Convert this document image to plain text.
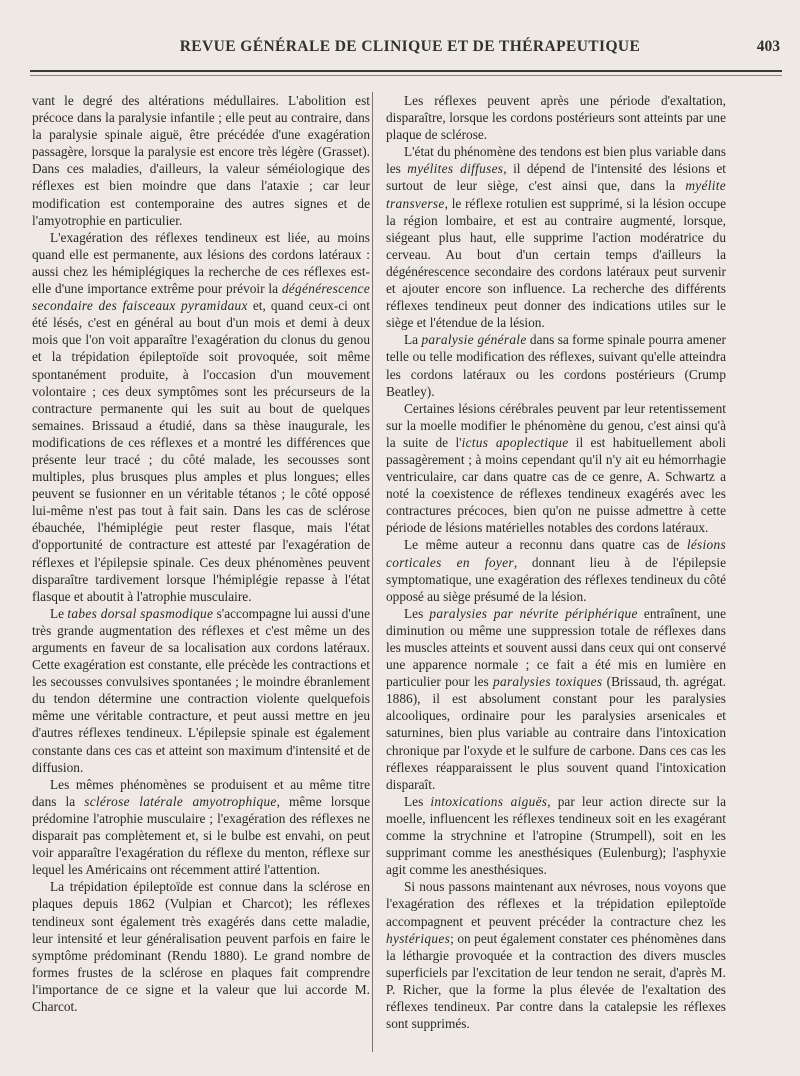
REVUE GÉNÉRALE DE CLINIQUE ET DE THÉRAPEUTIQUE	403

vant le degré des altérations médullaires. L'abolition est précoce dans la paralysie infantile ; elle peut au contraire, dans la paralysie spinale aiguë, être précédée d'une exagération passagère, lorsque la paralysie est encore très légère (Grasset). Dans ces maladies, d'ailleurs, la valeur séméiologique des réflexes est bien moindre que dans l'ataxie ; car leur modification est contemporaine des autres signes et de l'amyotrophie en particulier.

L'exagération des réflexes tendineux est liée, au moins quand elle est permanente, aux lésions des cordons latéraux : aussi chez les hémiplégiques la recherche de ces réflexes est-elle d'une importance extrême pour prévoir la dégénérescence secondaire des faisceaux pyramidaux et, quand ceux-ci ont été lésés, c'est en général au bout d'un mois et demi à deux mois que l'on voit apparaître l'exagération du clonus du genou et la trépidation épileptoïde soit provoquée, soit même spontanément produite, à l'occasion d'un mouvement volontaire ; ces deux symptômes sont les précurseurs de la contracture permanente qui les suit au bout de quelques semaines. Brissaud a étudié, dans sa thèse inaugurale, les modifications de ces réflexes et a montré les différences que présente leur tracé ; du côté malade, les secousses sont multiples, plus brusques plus amples et plus longues; elles peuvent se fusionner en un véritable tétanos ; le côté opposé lui-même n'est pas tout à fait sain. Dans les cas de sclérose ébauchée, l'hémiplégie peut rester flasque, mais l'état d'opportunité de contracture est attesté par l'exagération de réflexes et l'épilepsie spinale. Ces deux phénomènes peuvent disparaître tardivement lorsque l'hémiplégie repasse à l'état flasque et aboutit à l'atrophie musculaire.

Le tabes dorsal spasmodique s'accompagne lui aussi d'une très grande augmentation des réflexes et c'est même un des arguments en faveur de sa localisation aux cordons latéraux. Cette exagération est constante, elle précède les contractions et les secousses convulsives spontanées ; le moindre ébranlement du tendon détermine une contraction violente quelquefois même une véritable contracture, et peut aussi mettre en jeu d'autres réflexes tendineux. L'épilepsie spinale est également constante dans ces cas et atteint son maximum d'intensité et de diffusion.

Les mêmes phénomènes se produisent et au même titre dans la sclérose latérale amyotrophique, même lorsque prédomine l'atrophie musculaire ; l'exagération des réflexes ne disparait pas complètement et, si le bulbe est envahi, on peut voir apparaître l'exagération du réflexe du menton, réflexe sur lequel les Américains ont récemment attiré l'attention.

La trépidation épileptoïde est connue dans la sclérose en plaques depuis 1862 (Vulpian et Charcot); les réflexes tendineux sont également très exagérés dans cette maladie, leur intensité et leur généralisation peuvent parfois en faire le symptôme prédominant (Rendu 1880). Le grand nombre de formes frustes de la sclérose en plaques fait comprendre l'importance de ce signe et la valeur que lui accorde M. Charcot.

Les réflexes peuvent après une période d'exaltation, disparaître, lorsque les cordons postérieurs sont atteints par une plaque de sclérose.

L'état du phénomène des tendons est bien plus variable dans les myélites diffuses, il dépend de l'intensité des lésions et surtout de leur siège, c'est ainsi que, dans la myélite transverse, le réflexe rotulien est supprimé, si la lésion occupe la région lombaire, et est au contraire augmenté, lorsque, siégeant plus haut, elle supprime l'action modératrice du cerveau. Au bout d'un certain temps d'ailleurs la dégénérescence secondaire des cordons latéraux peut survenir et ajouter encore son influence. La recherche des différents réflexes tendineux peut donner des indications utiles sur le siège et l'étendue de la lésion.

La paralysie générale dans sa forme spinale pourra amener telle ou telle modification des réflexes, suivant qu'elle atteindra les cordons latéraux ou les cordons postérieurs (Crump Beatley).

Certaines lésions cérébrales peuvent par leur retentissement sur la moelle modifier le phénomène du genou, c'est ainsi qu'à la suite de l'ictus apoplectique il est habituellement aboli passagèrement ; à moins cependant qu'il n'y ait eu hémorrhagie ventriculaire, car dans quatre cas de ce genre, A. Schwartz a noté la coexistence de réflexes tendineux exagérés avec les contractures précoces, bien qu'on ne puisse admettre à cette période de lésions matérielles notables des cordons latéraux.

Le même auteur a reconnu dans quatre cas de lésions corticales en foyer, donnant lieu à de l'épilepsie symptomatique, une exagération des réflexes tendineux du côté opposé au siège présumé de la lésion.

Les paralysies par névrite périphérique entraînent, une diminution ou même une suppression totale de réflexes dans les muscles atteints et souvent aussi dans ceux qui ont conservé une apparence normale ; ce fait a été mis en lumière en particulier pour les paralysies toxiques (Brissaud, th. agrégat. 1886), il est absolument constant pour les paralysies alcooliques, ordinaire pour les paralysies arsenicales et saturnines, bien plus variable au contraire dans l'intoxication chronique par l'oxyde et le sulfure de carbone. Dans ces cas les réflexes réapparaissent le plus souvent quand l'intoxication disparaît.

Les intoxications aiguës, par leur action directe sur la moelle, influencent les réflexes tendineux soit en les exagérant comme la strychnine et l'atropine (Strumpell), soit en les supprimant comme les anesthésiques (Eulenburg); l'asphyxie agit comme les anesthésiques.

Si nous passons maintenant aux névroses, nous voyons que l'exagération des réflexes et la trépidation epileptoïde accompagnent et peuvent précéder la contracture chez les hystériques; on peut également constater ces phénomènes dans la léthargie provoquée et la contraction des divers muscles superficiels par l'excitation de leur tendon ne serait, d'après M. P. Richer, que la forme la plus élevée de l'exaltation des réflexes tendineux. Par contre dans la catalepsie les réflexes sont supprimés.
